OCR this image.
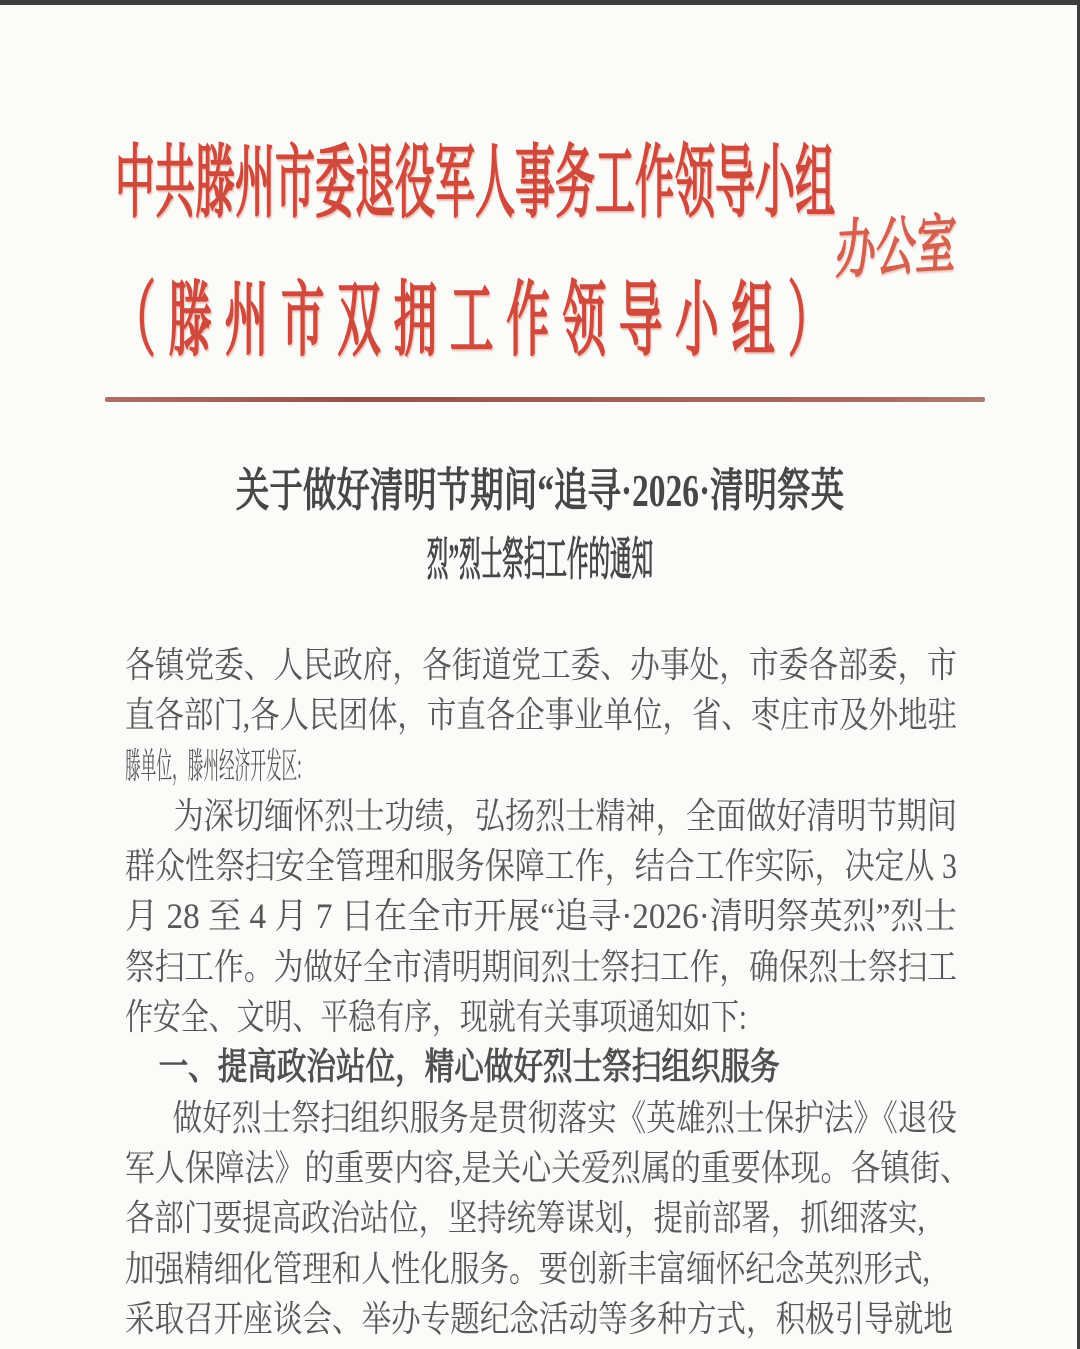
中共滕州市委退役军人事务工作领导小组
办公室
（滕州市双拥工作领导小组）
关于做好清明节期间“追寻·2026·清明祭英
烈”烈士祭扫工作的通知
各镇党委、人民政府，各街道党工委、办事处，市委各部委，市
直各部门,各人民团体，市直各企事业单位，省、枣庄市及外地驻
滕单位，滕州经济开发区:
为深切缅怀烈士功绩，弘扬烈士精神，全面做好清明节期间
群众性祭扫安全管理和服务保障工作，结合工作实际，决定从 3
月 28 至 4 月 7 日在全市开展“追寻·2026·清明祭英烈”烈士
祭扫工作。为做好全市清明期间烈士祭扫工作，确保烈士祭扫工
作安全、文明、平稳有序，现就有关事项通知如下:
一、提高政治站位，精心做好烈士祭扫组织服务
做好烈士祭扫组织服务是贯彻落实《英雄烈士保护法》《退役
军人保障法》的重要内容,是关心关爱烈属的重要体现。各镇街、
各部门要提高政治站位，坚持统筹谋划，提前部署，抓细落实,
加强精细化管理和人性化服务。要创新丰富缅怀纪念英烈形式,
采取召开座谈会、举办专题纪念活动等多种方式，积极引导就地
